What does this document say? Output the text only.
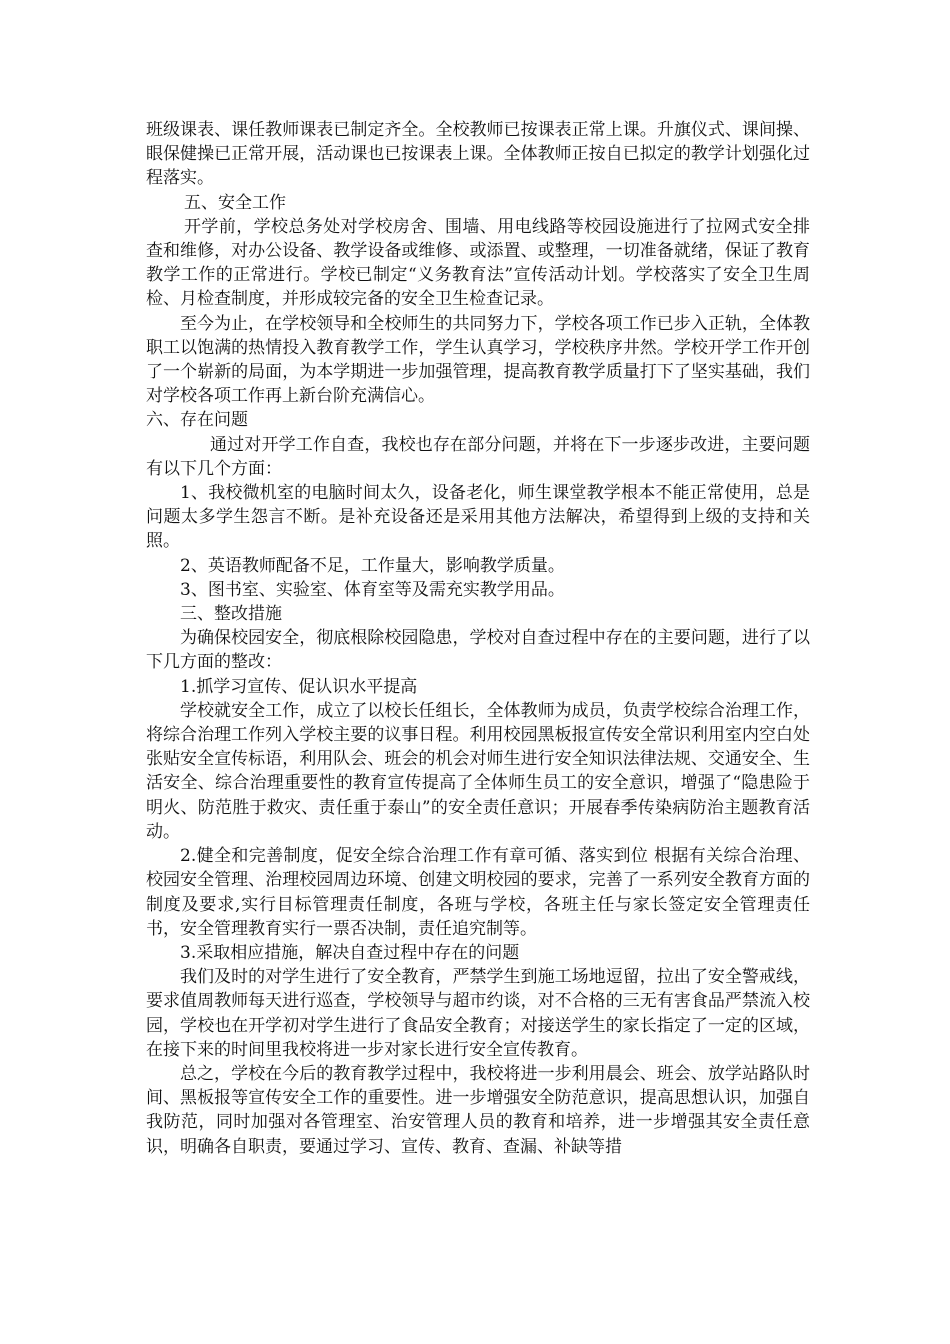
班级课表、课任教师课表已制定齐全。全校教师已按课表正常上课。升旗仪式、课间操、眼保健操已正常开展，活动课也已按课表上课。全体教师正按自已拟定的教学计划强化过程落实。

五、安全工作

开学前，学校总务处对学校房舍、围墙、用电线路等校园设施进行了拉网式安全排查和维修，对办公设备、教学设备或维修、或添置、或整理，一切准备就绪，保证了教育教学工作的正常进行。学校已制定“义务教育法”宣传活动计划。学校落实了安全卫生周检、月检查制度，并形成较完备的安全卫生检查记录。

至今为止，在学校领导和全校师生的共同努力下，学校各项工作已步入正轨，全体教职工以饱满的热情投入教育教学工作，学生认真学习，学校秩序井然。学校开学工作开创了一个崭新的局面，为本学期进一步加强管理，提高教育教学质量打下了坚实基础，我们对学校各项工作再上新台阶充满信心。

六、存在问题

通过对开学工作自查，我校也存在部分问题，并将在下一步逐步改进，主要问题有以下几个方面：

1、我校微机室的电脑时间太久，设备老化，师生课堂教学根本不能正常使用，总是问题太多学生怨言不断。是补充设备还是采用其他方法解决，希望得到上级的支持和关照。

2、英语教师配备不足，工作量大，影响教学质量。

3、图书室、实验室、体育室等及需充实教学用品。

三、整改措施

为确保校园安全，彻底根除校园隐患，学校对自查过程中存在的主要问题，进行了以下几方面的整改：

1.抓学习宣传、促认识水平提高

学校就安全工作，成立了以校长任组长，全体教师为成员，负责学校综合治理工作，将综合治理工作列入学校主要的议事日程。利用校园黑板报宣传安全常识利用室内空白处张贴安全宣传标语，利用队会、班会的机会对师生进行安全知识法律法规、交通安全、生活安全、综合治理重要性的教育宣传提高了全体师生员工的安全意识，增强了“隐患险于明火、防范胜于救灾、责任重于泰山”的安全责任意识；开展春季传染病防治主题教育活动。

2.健全和完善制度，促安全综合治理工作有章可循、落实到位 根据有关综合治理、校园安全管理、治理校园周边环境、创建文明校园的要求，完善了一系列安全教育方面的制度及要求,实行目标管理责任制度，各班与学校，各班主任与家长签定安全管理责任书，安全管理教育实行一票否决制，责任追究制等。

3.采取相应措施，解决自查过程中存在的问题

我们及时的对学生进行了安全教育，严禁学生到施工场地逗留，拉出了安全警戒线，要求值周教师每天进行巡查，学校领导与超市约谈，对不合格的三无有害食品严禁流入校园，学校也在开学初对学生进行了食品安全教育；对接送学生的家长指定了一定的区域，在接下来的时间里我校将进一步对家长进行安全宣传教育。

总之，学校在今后的教育教学过程中，我校将进一步利用晨会、班会、放学站路队时间、黑板报等宣传安全工作的重要性。进一步增强安全防范意识，提高思想认识，加强自我防范，同时加强对各管理室、治安管理人员的教育和培养，进一步增强其安全责任意识，明确各自职责，要通过学习、宣传、教育、查漏、补缺等措
